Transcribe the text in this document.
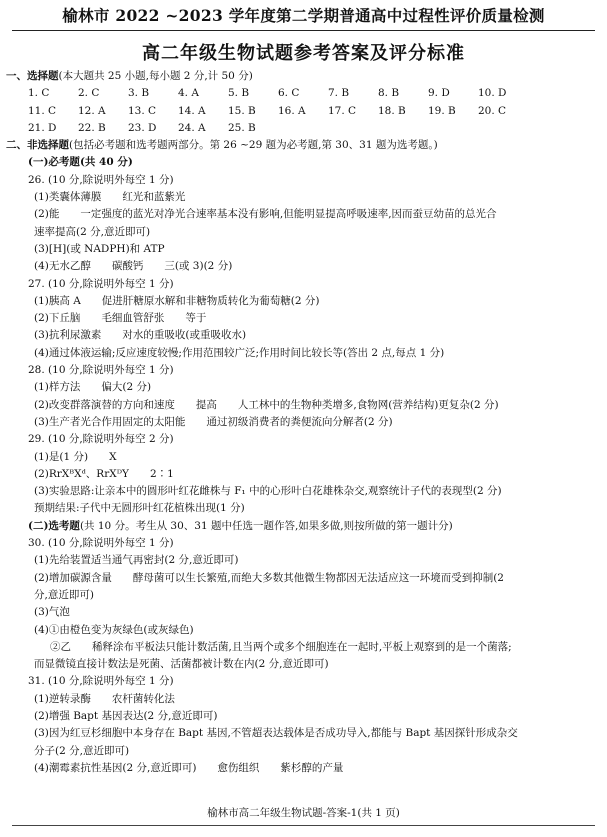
榆林市 2022 ~2023 学年度第二学期普通高中过程性评价质量检测
高二年级生物试题参考答案及评分标准
一、选择题(本大题共 25 小题,每小题 2 分,计 50 分)
1. C	2. C	3. B	4. A	5. B	6. C	7. B	8. B	9. D	10. D
11. C	12. A	13. C	14. A	15. B	16. A	17. C	18. B	19. B	20. C
21. D	22. B	23. D	24. A	25. B
二、非选择题(包括必考题和选考题两部分。第 26 ~29 题为必考题,第 30、31 题为选考题。)
(一)必考题(共 40 分)
26. (10 分,除说明外每空 1 分)
(1)类囊体薄膜　　红光和蓝紫光
(2)能　　一定强度的蓝光对净光合速率基本没有影响,但能明显提高呼吸速率,因而蚕豆幼苗的总光合
速率提高(2 分,意近即可)
(3)[H](或 NADPH)和 ATP
(4)无水乙醇　　碳酸钙　　三(或 3)(2 分)
27. (10 分,除说明外每空 1 分)
(1)胰高 A　　促进肝糖原水解和非糖物质转化为葡萄糖(2 分)
(2)下丘脑　　毛细血管舒张　　等于
(3)抗利尿激素　　对水的重吸收(或重吸收水)
(4)通过体液运输;反应速度较慢;作用范围较广泛;作用时间比较长等(答出 2 点,每点 1 分)
28. (10 分,除说明外每空 1 分)
(1)样方法　　偏大(2 分)
(2)改变群落演替的方向和速度　　提高　　人工林中的生物种类增多,食物网(营养结构)更复杂(2 分)
(3)生产者光合作用固定的太阳能　　通过初级消费者的粪便流向分解者(2 分)
29. (10 分,除说明外每空 2 分)
(1)是(1 分)　　X
(2)RrXᴮXᵈ、RrXᴰY　　2∶1
(3)实验思路:让亲本中的圆形叶红花雌株与 F₁ 中的心形叶白花雄株杂交,观察统计子代的表现型(2 分)
预期结果:子代中无圆形叶红花植株出现(1 分)
(二)选考题(共 10 分。考生从 30、31 题中任选一题作答,如果多做,则按所做的第一题计分)
30. (10 分,除说明外每空 1 分)
(1)先给装置适当通气再密封(2 分,意近即可)
(2)增加碳源含量　　酵母菌可以生长繁殖,而绝大多数其他微生物都因无法适应这一环境而受到抑制(2
分,意近即可)
(3)气泡
(4)①由橙色变为灰绿色(或灰绿色)
②乙　　稀释涂布平板法只能计数活菌,且当两个或多个细胞连在一起时,平板上观察到的是一个菌落;
而显微镜直接计数法是死菌、活菌都被计数在内(2 分,意近即可)
31. (10 分,除说明外每空 1 分)
(1)逆转录酶　　农杆菌转化法
(2)增强 Bapt 基因表达(2 分,意近即可)
(3)因为红豆杉细胞中本身存在 Bapt 基因,不管超表达载体是否成功导入,都能与 Bapt 基因探针形成杂交
分子(2 分,意近即可)
(4)潮霉素抗性基因(2 分,意近即可)　　愈伤组织　　紫杉醇的产量
榆林市高二年级生物试题-答案-1(共 1 页)
